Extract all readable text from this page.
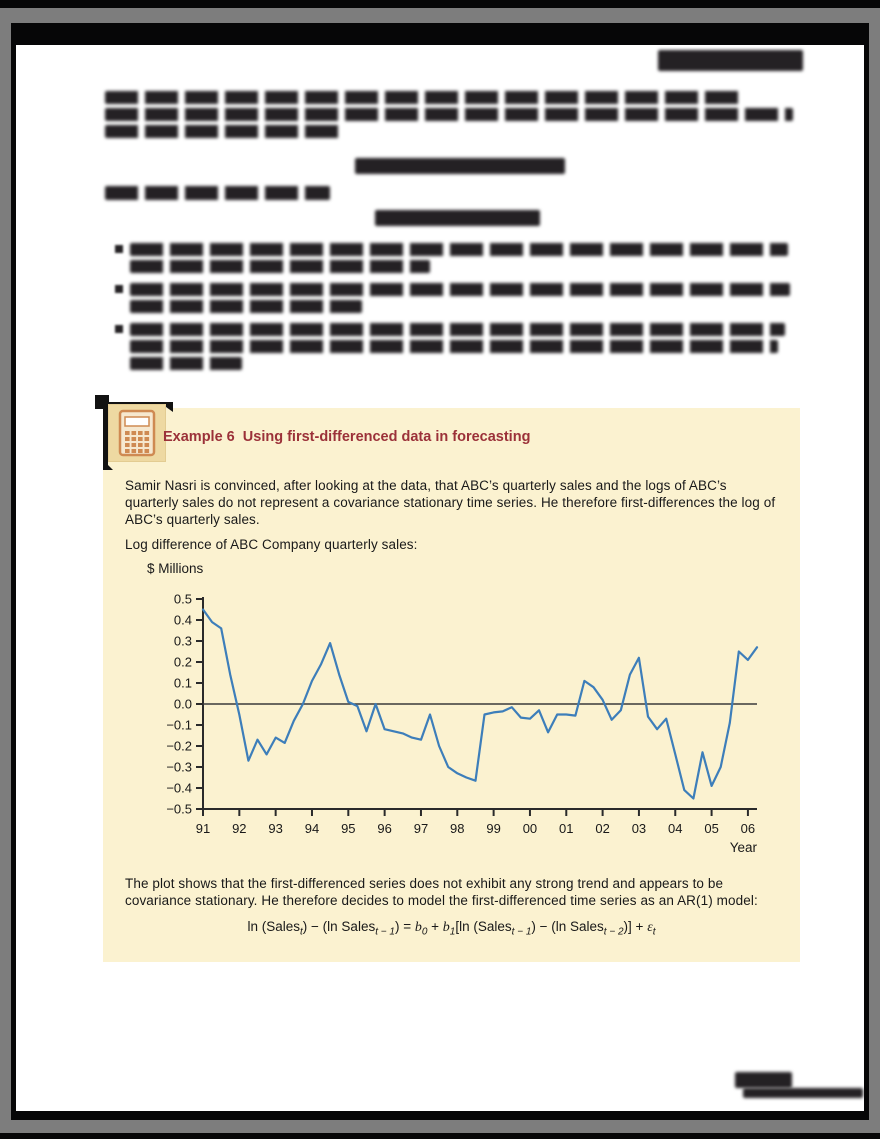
Example 6  Using first-differenced data in forecasting
Samir Nasri is convinced, after looking at the data, that ABC’s quarterly sales and the logs of ABC’s quarterly sales do not represent a covariance stationary time series. He therefore first-differences the log of ABC’s quarterly sales.
Log difference of ABC Company quarterly sales:
0.5
0.4
0.3
0.2
0.1
0.0
−0.1
−0.2
−0.3
−0.4
−0.5
91 92 93 94 95 96 97 98 99 00 01 02 03 04 05 06
$ Millions
Year
The plot shows that the first-differenced series does not exhibit any strong trend and appears to be covariance stationary. He therefore decides to model the first-differenced time series as an AR(1) model:
ln (Sales$_t$) − (ln Sales$_{t - 1}$) = $b_0 + b_1[\ln$ (Sales$_{t - 1}$) − (ln Sales$_{t - 2}$)] + $\varepsilon_t$
